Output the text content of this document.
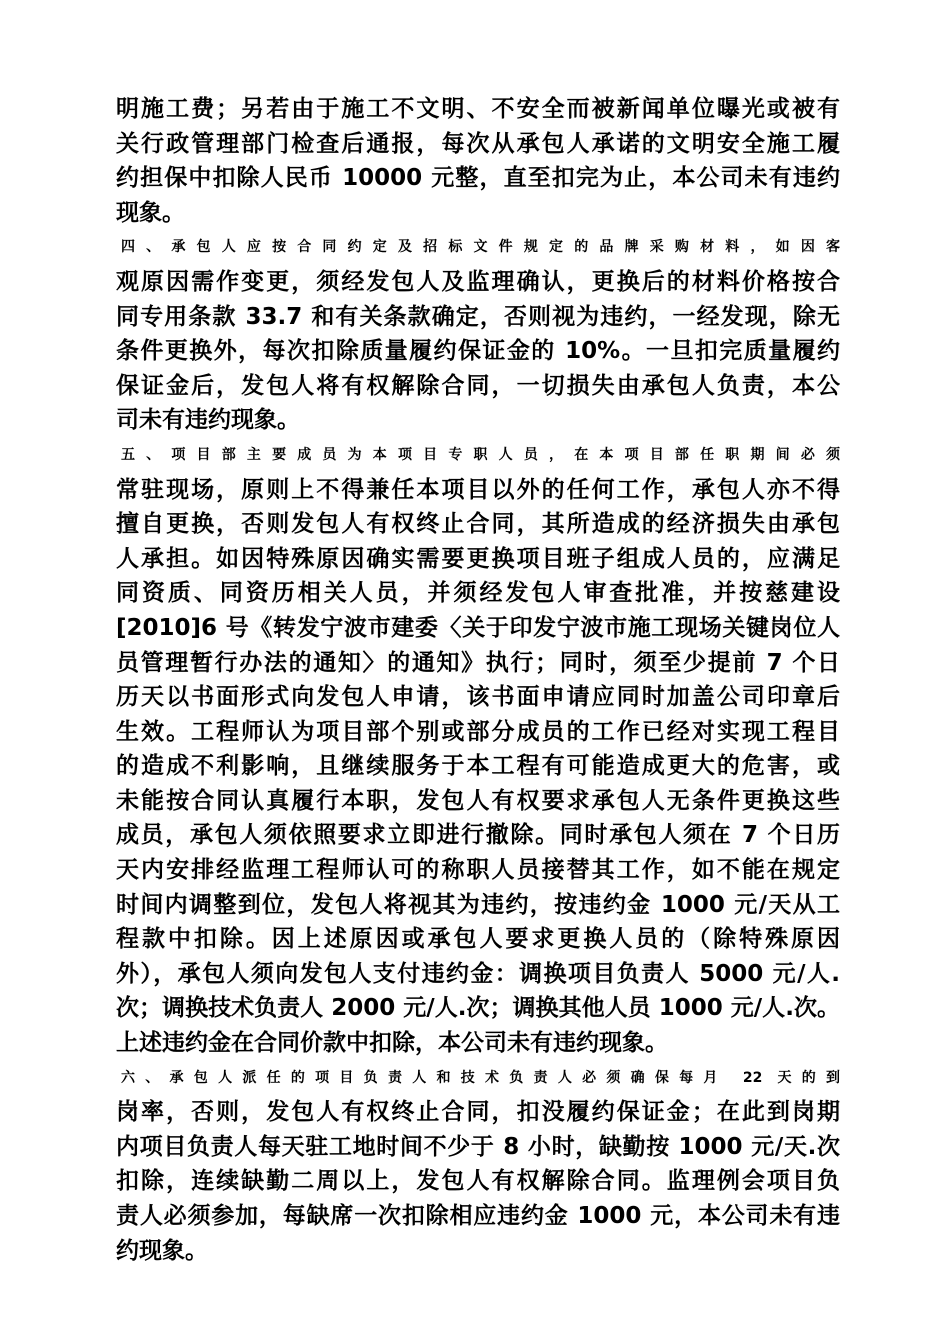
明施工费；另若由于施工不文明、不安全而被新闻单位曝光或被有
关行政管理部门检查后通报，每次从承包人承诺的文明安全施工履
约担保中扣除人民币 10000 元整，直至扣完为止，本公司未有违约
现象。
四、承包人应按合同约定及招标文件规定的品牌采购材料，如因客
观原因需作变更，须经发包人及监理确认，更换后的材料价格按合
同专用条款 33.7 和有关条款确定，否则视为违约，一经发现，除无
条件更换外，每次扣除质量履约保证金的 10%。一旦扣完质量履约
保证金后，发包人将有权解除合同，一切损失由承包人负责，本公
司未有违约现象。
五、项目部主要成员为本项目专职人员，在本项目部任职期间必须
常驻现场，原则上不得兼任本项目以外的任何工作，承包人亦不得
擅自更换，否则发包人有权终止合同，其所造成的经济损失由承包
人承担。如因特殊原因确实需要更换项目班子组成人员的，应满足
同资质、同资历相关人员，并须经发包人审查批准，并按慈建设
[2010]6 号《转发宁波市建委〈关于印发宁波市施工现场关键岗位人
员管理暂行办法的通知〉的通知》执行；同时，须至少提前 7 个日
历天以书面形式向发包人申请，该书面申请应同时加盖公司印章后
生效。工程师认为项目部个别或部分成员的工作已经对实现工程目
的造成不利影响，且继续服务于本工程有可能造成更大的危害，或
未能按合同认真履行本职，发包人有权要求承包人无条件更换这些
成员，承包人须依照要求立即进行撤除。同时承包人须在 7 个日历
天内安排经监理工程师认可的称职人员接替其工作，如不能在规定
时间内调整到位，发包人将视其为违约，按违约金 1000 元/天从工
程款中扣除。因上述原因或承包人要求更换人员的（除特殊原因
外），承包人须向发包人支付违约金：调换项目负责人 5000 元/人.
次；调换技术负责人 2000 元/人.次；调换其他人员 1000 元/人.次。
上述违约金在合同价款中扣除，本公司未有违约现象。
六、承包人派任的项目负责人和技术负责人必须确保每月 22 天的到
岗率，否则，发包人有权终止合同，扣没履约保证金；在此到岗期
内项目负责人每天驻工地时间不少于 8 小时，缺勤按 1000 元/天.次
扣除，连续缺勤二周以上，发包人有权解除合同。监理例会项目负
责人必须参加，每缺席一次扣除相应违约金 1000 元，本公司未有违
约现象。
